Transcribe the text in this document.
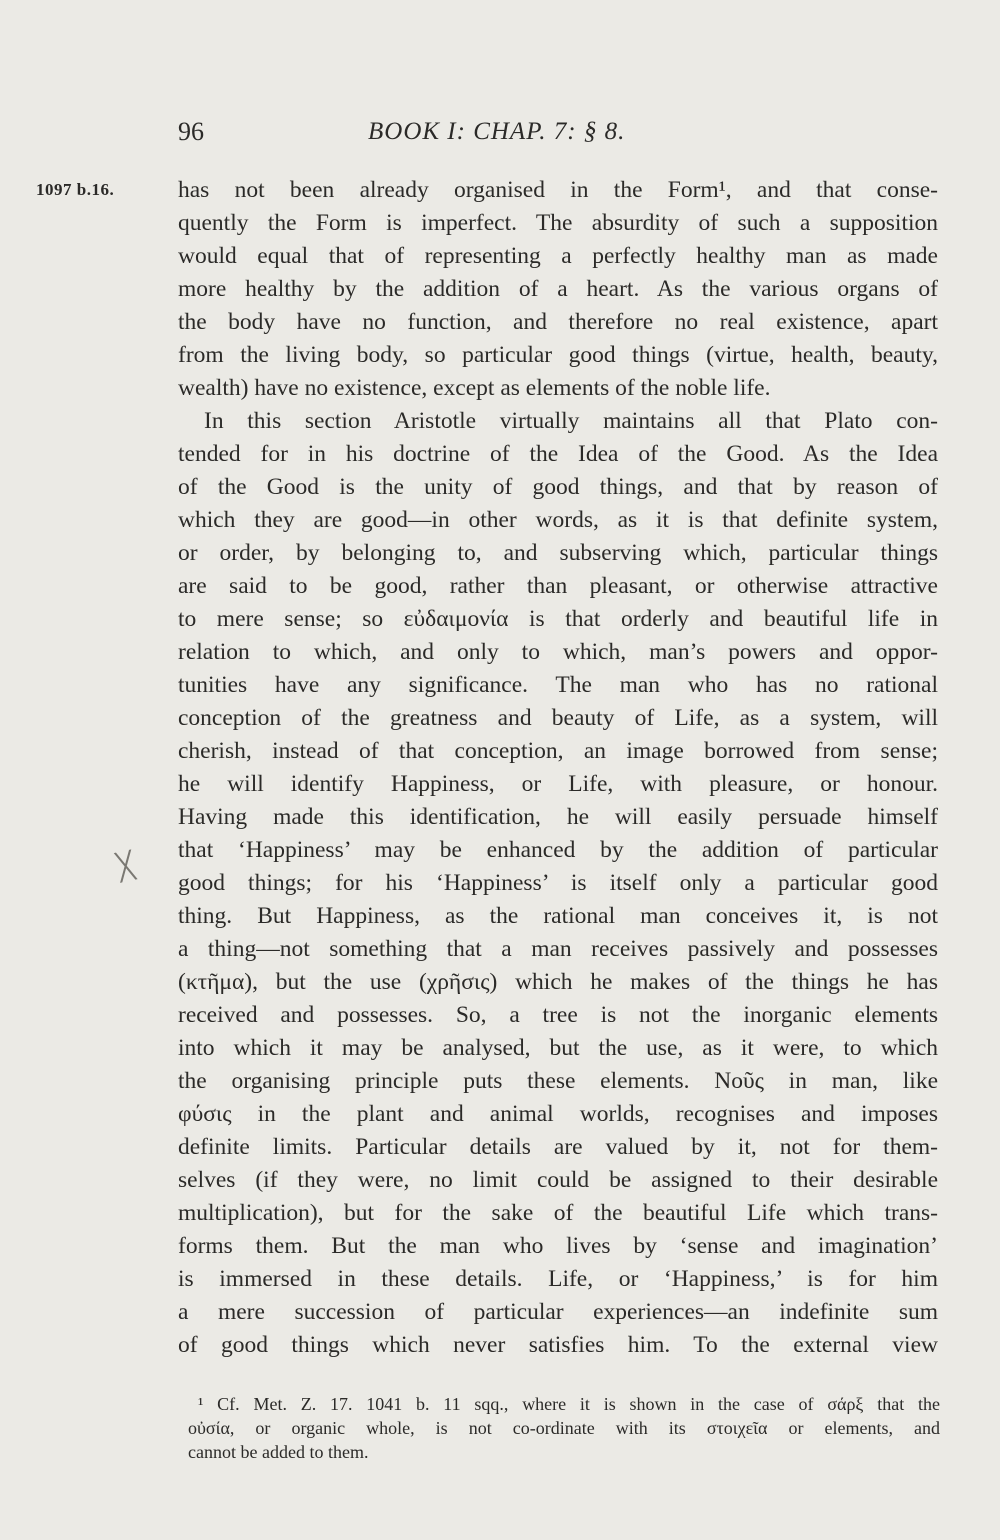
96	BOOK I: CHAP. 7: § 8.
1097 b.16.
╳
has not been already organised in the Form¹, and that conse-
quently the Form is imperfect. The absurdity of such a supposition
would equal that of representing a perfectly healthy man as made
more healthy by the addition of a heart. As the various organs of
the body have no function, and therefore no real existence, apart
from the living body, so particular good things (virtue, health, beauty,
wealth) have no existence, except as elements of the noble life.
In this section Aristotle virtually maintains all that Plato con-
tended for in his doctrine of the Idea of the Good. As the Idea
of the Good is the unity of good things, and that by reason of
which they are good—in other words, as it is that definite system,
or order, by belonging to, and subserving which, particular things
are said to be good, rather than pleasant, or otherwise attractive
to mere sense; so εὐδαιμονία is that orderly and beautiful life in
relation to which, and only to which, man’s powers and oppor-
tunities have any significance. The man who has no rational
conception of the greatness and beauty of Life, as a system, will
cherish, instead of that conception, an image borrowed from sense;
he will identify Happiness, or Life, with pleasure, or honour.
Having made this identification, he will easily persuade himself
that ‘Happiness’ may be enhanced by the addition of particular
good things; for his ‘Happiness’ is itself only a particular good
thing. But Happiness, as the rational man conceives it, is not
a thing—not something that a man receives passively and possesses
(κτῆμα), but the use (χρῆσις) which he makes of the things he has
received and possesses. So, a tree is not the inorganic elements
into which it may be analysed, but the use, as it were, to which
the organising principle puts these elements. Νοῦς in man, like
φύσις in the plant and animal worlds, recognises and imposes
definite limits. Particular details are valued by it, not for them-
selves (if they were, no limit could be assigned to their desirable
multiplication), but for the sake of the beautiful Life which trans-
forms them. But the man who lives by ‘sense and imagination’
is immersed in these details. Life, or ‘Happiness,’ is for him
a mere succession of particular experiences—an indefinite sum
of good things which never satisfies him. To the external view
¹ Cf. Met. Z. 17. 1041 b. 11 sqq., where it is shown in the case of σάρξ that the
οὐσία, or organic whole, is not co-ordinate with its στοιχεῖα or elements, and
cannot be added to them.
